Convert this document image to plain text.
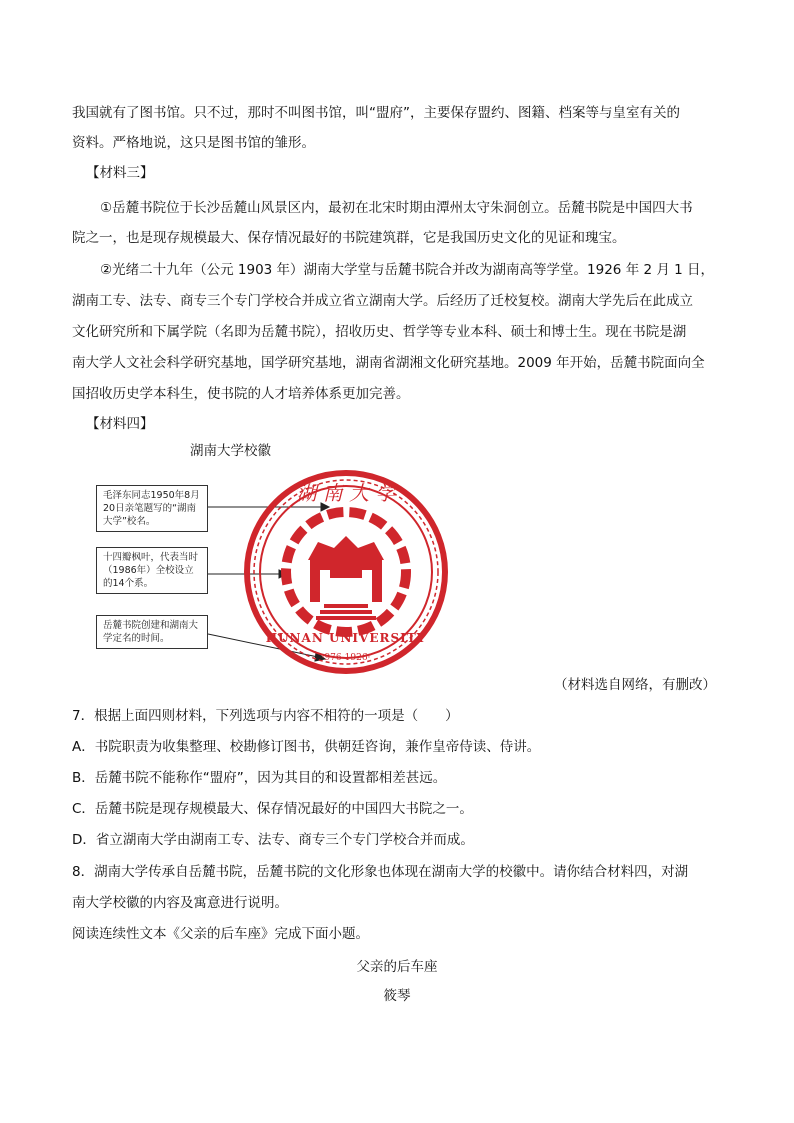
我国就有了图书馆。只不过，那时不叫图书馆，叫“盟府”，主要保存盟约、图籍、档案等与皇室有关的
资料。严格地说，这只是图书馆的雏形。
【材料三】
①岳麓书院位于长沙岳麓山风景区内，最初在北宋时期由潭州太守朱洞创立。岳麓书院是中国四大书
院之一，也是现存规模最大、保存情况最好的书院建筑群，它是我国历史文化的见证和瑰宝。
②光绪二十九年（公元 1903 年）湖南大学堂与岳麓书院合并改为湖南高等学堂。1926 年 2 月 1 日，
湖南工专、法专、商专三个专门学校合并成立省立湖南大学。后经历了迁校复校。湖南大学先后在此成立
文化研究所和下属学院（名即为岳麓书院），招收历史、哲学等专业本科、硕士和博士生。现在书院是湖
南大学人文社会科学研究基地，国学研究基地，湖南省湖湘文化研究基地。2009 年开始，岳麓书院面向全
国招收历史学本科生，使书院的人才培养体系更加完善。
【材料四】
湖南大学校徽
毛泽东同志1950年8月20日亲笔题写的“湖南大学”校名。
十四瓣枫叶，代表当时（1986年）全校设立的14个系。
岳麓书院创建和湖南大学定名的时间。
湖 南 大 学
·976-1926·
HUNAN UNIVERSITY
（材料选自网络，有删改）
7．根据上面四则材料，下列选项与内容不相符的一项是（　　）
A．书院职责为收集整理、校勘修订图书，供朝廷咨询，兼作皇帝侍读、侍讲。
B．岳麓书院不能称作“盟府”，因为其目的和设置都相差甚远。
C．岳麓书院是现存规模最大、保存情况最好的中国四大书院之一。
D．省立湖南大学由湖南工专、法专、商专三个专门学校合并而成。
8．湖南大学传承自岳麓书院，岳麓书院的文化形象也体现在湖南大学的校徽中。请你结合材料四，对湖
南大学校徽的内容及寓意进行说明。
阅读连续性文本《父亲的后车座》完成下面小题。
父亲的后车座
筱琴
